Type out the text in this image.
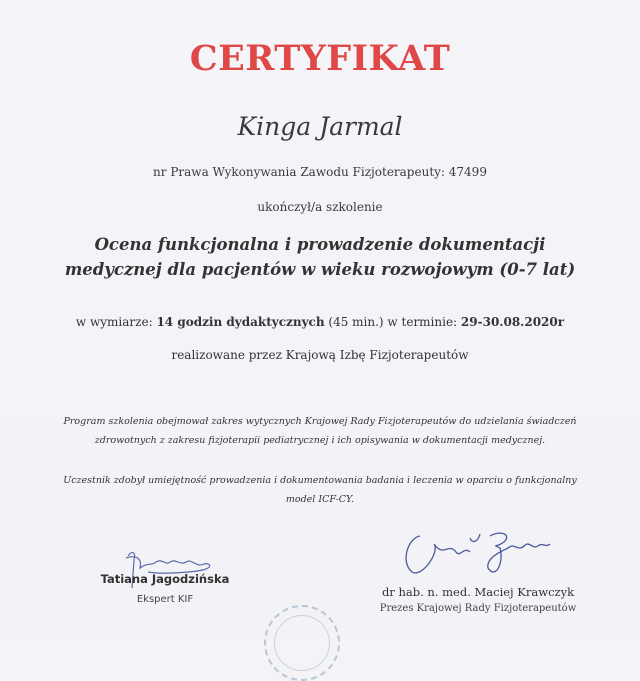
CERTYFIKAT
Kinga Jarmal
nr Prawa Wykonywania Zawodu Fizjoterapeuty: 47499
ukończył/a szkolenie
Ocena funkcjonalna i prowadzenie dokumentacji
medycznej dla pacjentów w wieku rozwojowym (0-7 lat)
w wymiarze: 14 godzin dydaktycznych (45 min.) w terminie: 29-30.08.2020r
realizowane przez Krajową Izbę Fizjoterapeutów
Program szkolenia obejmował zakres wytycznych Krajowej Rady Fizjoterapeutów do udzielania świadczeń zdrowotnych z zakresu fizjoterapii pediatrycznej i ich opisywania w dokumentacji medycznej.
Uczestnik zdobył umiejętność prowadzenia i dokumentowania badania i leczenia w oparciu o funkcjonalny model ICF-CY.
Tatiana Jagodzińska
Ekspert KIF
dr hab. n. med. Maciej Krawczyk
Prezes Krajowej Rady Fizjoterapeutów
